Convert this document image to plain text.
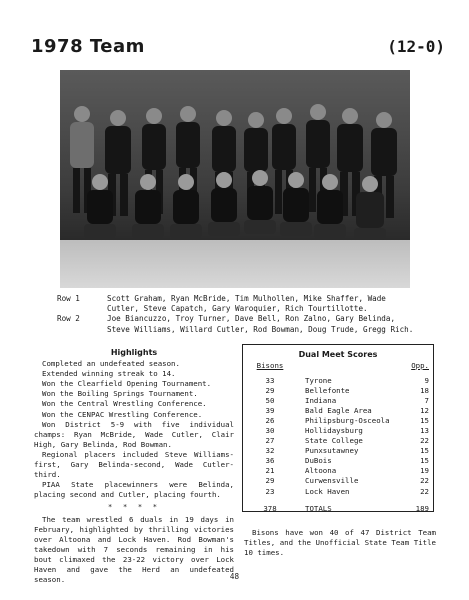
1978 Team	(12-0)
Row 1	Scott Graham, Ryan McBride, Tim Mulhollen, Mike Shaffer, Wade Cutler, Steve Capatch, Gary Waroquier, Rich Tourtillotte.
Row 2	Joe Biancuzzo, Troy Turner, Dave Bell, Ron Zalno, Gary Belinda, Steve Williams, Willard Cutler, Rod Bowman, Doug Trude, Gregg Rich.
Highlights
Completed an undefeated season.
Extended winning streak to 14.
Won the Clearfield Opening Tournament.
Won the Boiling Springs Tournament.
Won the Central Wrestling Conference.
Won the CENPAC Wrestling Conference.
Won District 5-9 with five individual champs: Ryan McBride, Wade Cutler, Clair High, Gary Belinda, Rod Bowman.
Regional placers included Steve Williams-first, Gary Belinda-second, Wade Cutler-third.
PIAA State placewinners were Belinda, placing second and Cutler, placing fourth.
* * * *
The team wrestled 6 duals in 19 days in February, highlighted by thrilling victories over Altoona and Lock Haven. Rod Bowman's takedown with 7 seconds remaining in his bout climaxed the 23-22 victory over Lock Haven and gave the Herd an undefeated season.
Dual Meet Scores
Bisons		Opp.
33	Tyrone	9
29	Bellefonte	18
50	Indiana	7
39	Bald Eagle Area	12
26	Philipsburg-Osceola	15
30	Hollidaysburg	13
27	State College	22
32	Punxsutawney	15
36	DuBois	15
21	Altoona	19
29	Curwensville	22
23	Lock Haven	22
378	TOTALS	189
Bisons have won 40 of 47 District Team Titles, and the Unofficial State Team Title 10 times.
48
